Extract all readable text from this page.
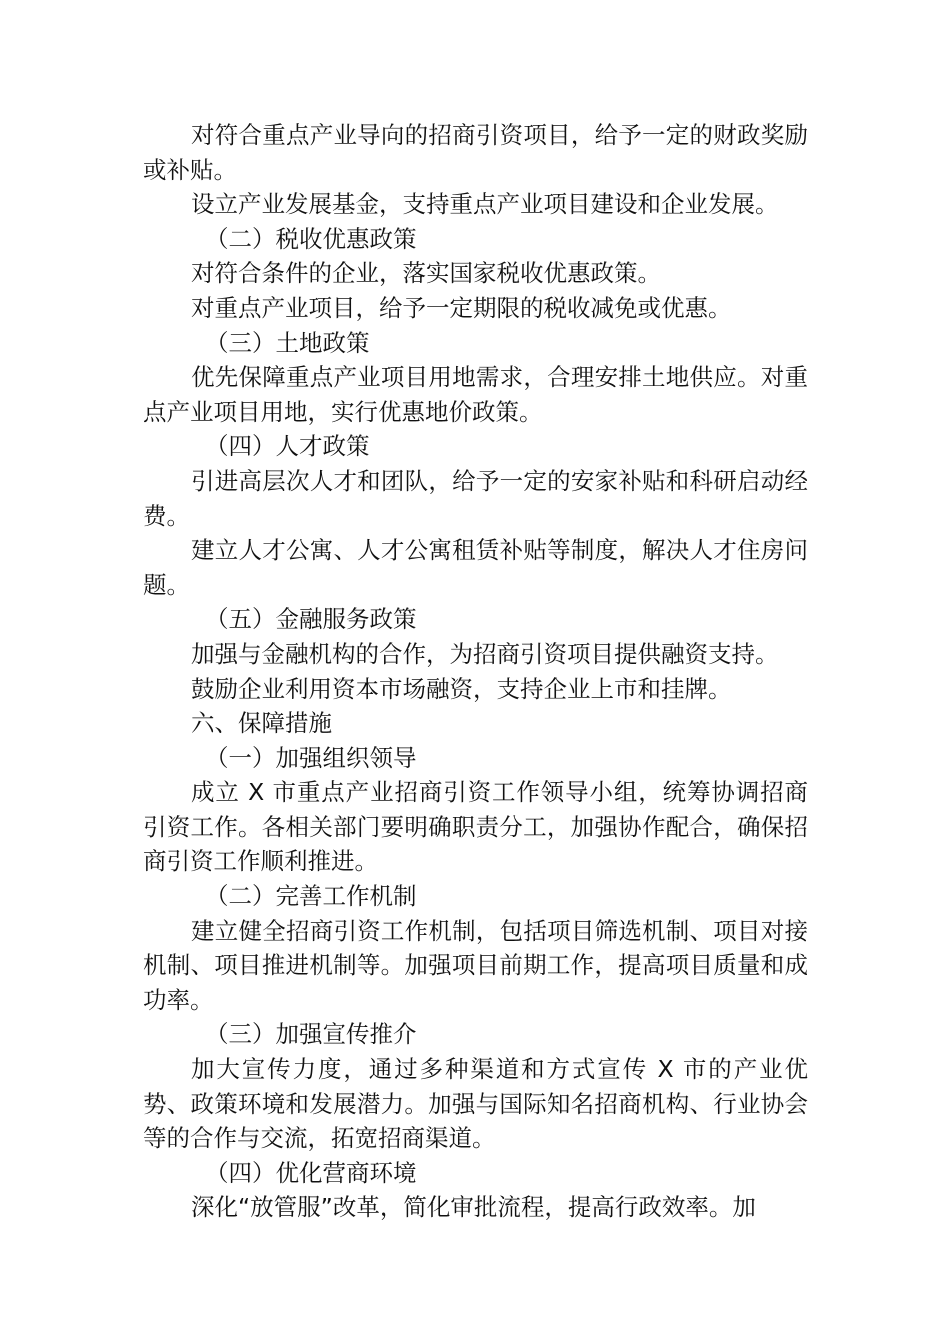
对符合重点产业导向的招商引资项目，给予一定的财政奖励或补贴。

设立产业发展基金，支持重点产业项目建设和企业发展。

（二）税收优惠政策

对符合条件的企业，落实国家税收优惠政策。

对重点产业项目，给予一定期限的税收减免或优惠。

（三）土地政策

优先保障重点产业项目用地需求，合理安排土地供应。对重点产业项目用地，实行优惠地价政策。

（四）人才政策

引进高层次人才和团队，给予一定的安家补贴和科研启动经费。

建立人才公寓、人才公寓租赁补贴等制度，解决人才住房问题。

（五）金融服务政策

加强与金融机构的合作，为招商引资项目提供融资支持。

鼓励企业利用资本市场融资，支持企业上市和挂牌。

六、保障措施

（一）加强组织领导

成立 X 市重点产业招商引资工作领导小组，统筹协调招商引资工作。各相关部门要明确职责分工，加强协作配合，确保招商引资工作顺利推进。

（二）完善工作机制

建立健全招商引资工作机制，包括项目筛选机制、项目对接机制、项目推进机制等。加强项目前期工作，提高项目质量和成功率。

（三）加强宣传推介

加大宣传力度，通过多种渠道和方式宣传 X 市的产业优势、政策环境和发展潜力。加强与国际知名招商机构、行业协会等的合作与交流，拓宽招商渠道。

（四）优化营商环境

深化“放管服”改革，简化审批流程，提高行政效率。加
